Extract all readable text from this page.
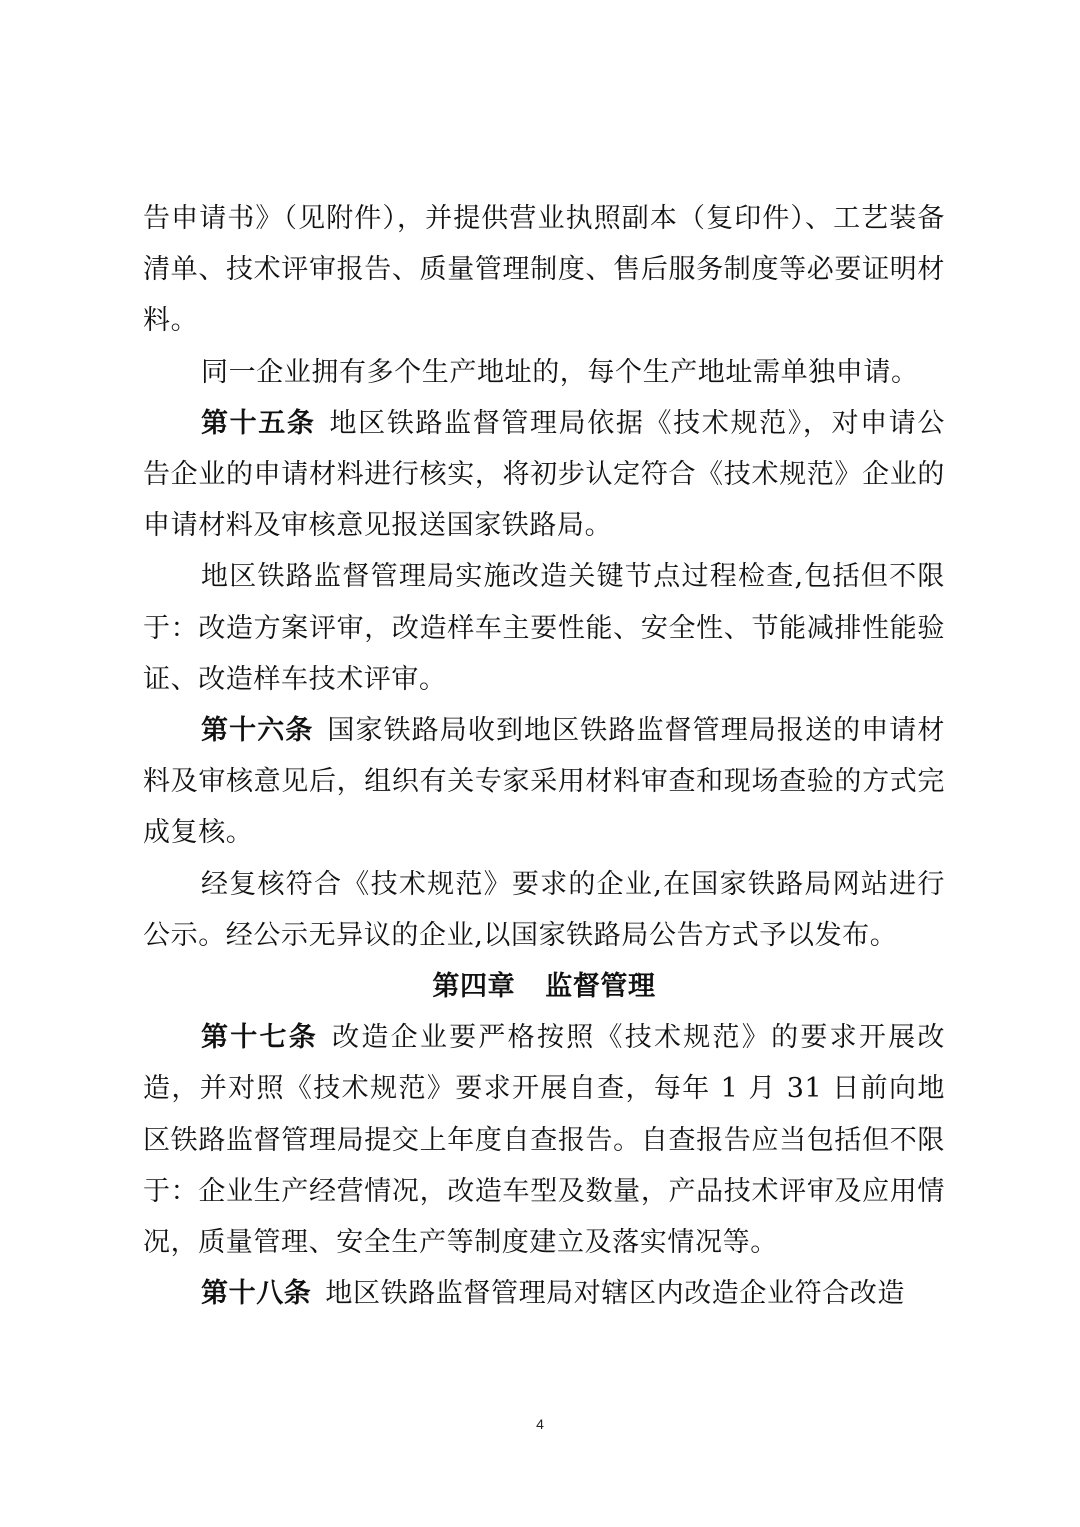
告申请书》（见附件），并提供营业执照副本（复印件）、工艺装备清单、技术评审报告、质量管理制度、售后服务制度等必要证明材料。

同一企业拥有多个生产地址的，每个生产地址需单独申请。

第十五条 地区铁路监督管理局依据《技术规范》，对申请公告企业的申请材料进行核实，将初步认定符合《技术规范》企业的申请材料及审核意见报送国家铁路局。

地区铁路监督管理局实施改造关键节点过程检查,包括但不限于：改造方案评审，改造样车主要性能、安全性、节能减排性能验证、改造样车技术评审。

第十六条 国家铁路局收到地区铁路监督管理局报送的申请材料及审核意见后，组织有关专家采用材料审查和现场查验的方式完成复核。

经复核符合《技术规范》要求的企业,在国家铁路局网站进行公示。经公示无异议的企业,以国家铁路局公告方式予以发布。

第四章 监督管理

第十七条 改造企业要严格按照《技术规范》的要求开展改造，并对照《技术规范》要求开展自查，每年 1 月 31 日前向地区铁路监督管理局提交上年度自查报告。自查报告应当包括但不限于：企业生产经营情况，改造车型及数量，产品技术评审及应用情况，质量管理、安全生产等制度建立及落实情况等。

第十八条 地区铁路监督管理局对辖区内改造企业符合改造

4
